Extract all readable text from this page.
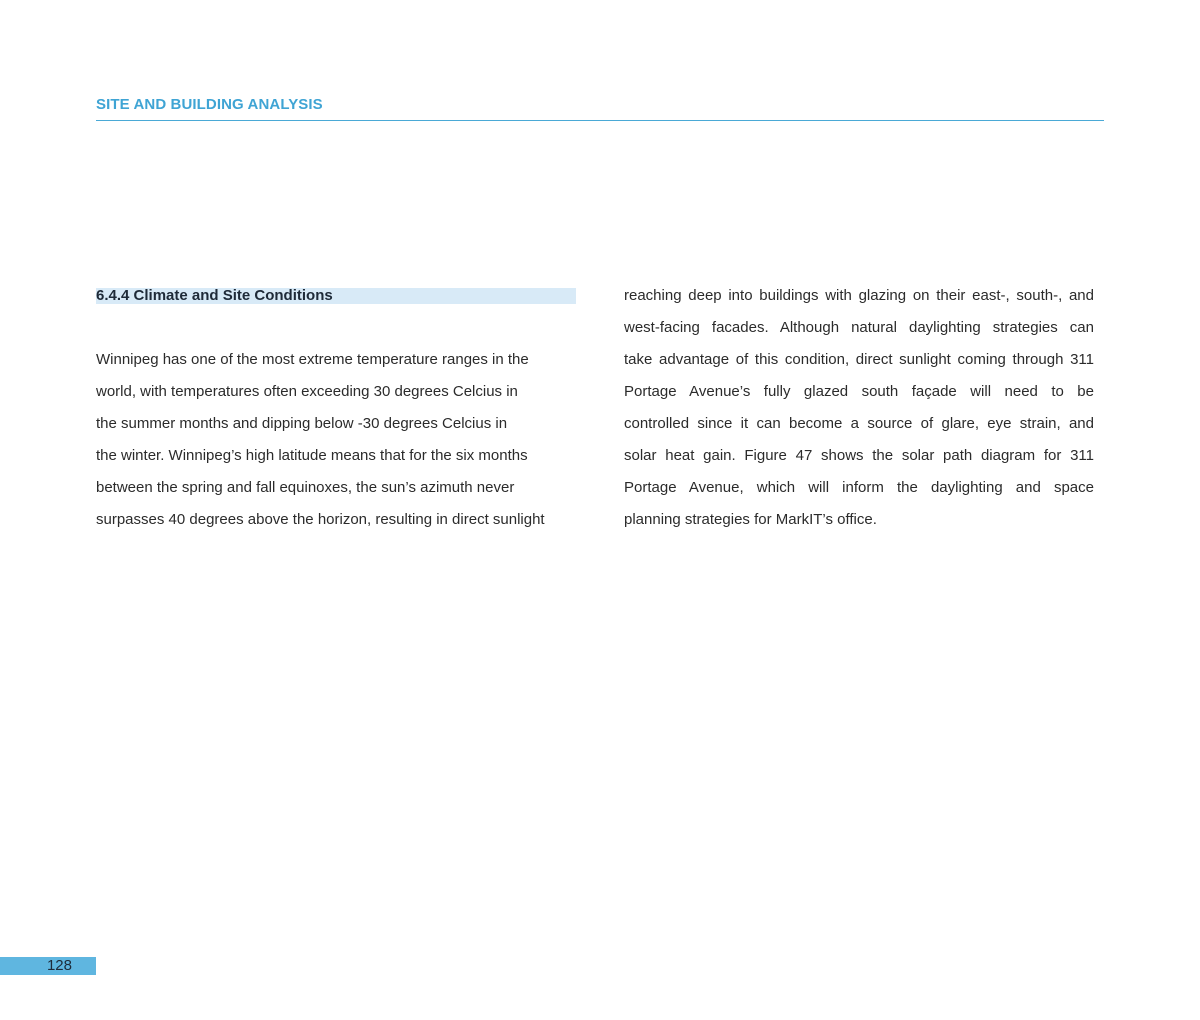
SITE AND BUILDING ANALYSIS
6.4.4 Climate and Site Conditions
Winnipeg has one of the most extreme temperature ranges in the
world, with temperatures often exceeding 30 degrees Celcius in
the summer months and dipping below -30 degrees Celcius in
the winter. Winnipeg’s high latitude means that for the six months
between the spring and fall equinoxes, the sun’s azimuth never
surpasses 40 degrees above the horizon, resulting in direct sunlight
reaching deep into buildings with glazing on their east-, south-, and
west-facing facades. Although natural daylighting strategies can
take advantage of this condition, direct sunlight coming through 311
Portage Avenue’s fully glazed south façade will need to be
controlled since it can become a source of glare, eye strain, and
solar heat gain. Figure 47 shows the solar path diagram for 311
Portage Avenue, which will inform the daylighting and space
planning strategies for MarkIT’s office.
128
